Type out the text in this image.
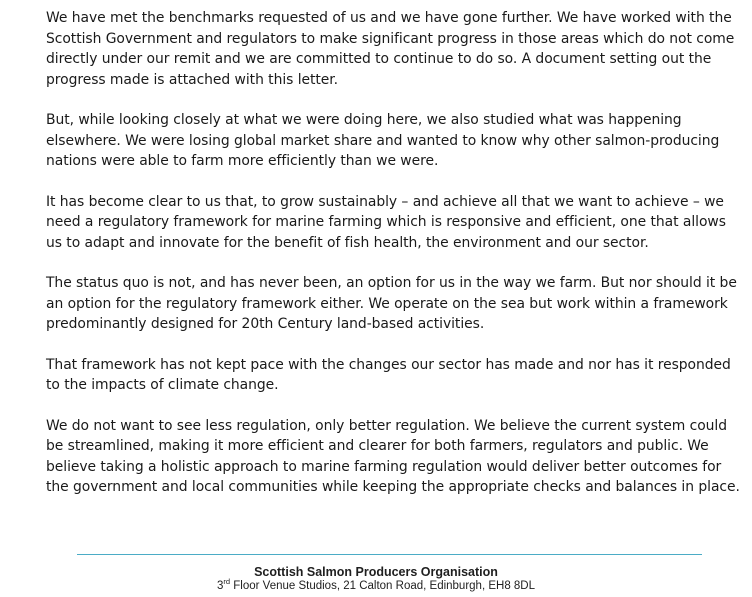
We have met the benchmarks requested of us and we have gone further. We have worked with the
Scottish Government and regulators to make significant progress in those areas which do not come
directly under our remit and we are committed to continue to do so. A document setting out the
progress made is attached with this letter.

But, while looking closely at what we were doing here, we also studied what was happening
elsewhere. We were losing global market share and wanted to know why other salmon-producing
nations were able to farm more efficiently than we were.

It has become clear to us that, to grow sustainably – and achieve all that we want to achieve – we
need a regulatory framework for marine farming which is responsive and efficient, one that allows
us to adapt and innovate for the benefit of fish health, the environment and our sector.

The status quo is not, and has never been, an option for us in the way we farm. But nor should it be
an option for the regulatory framework either. We operate on the sea but work within a framework
predominantly designed for 20th Century land-based activities.

That framework has not kept pace with the changes our sector has made and nor has it responded
to the impacts of climate change.

We do not want to see less regulation, only better regulation. We believe the current system could
be streamlined, making it more efficient and clearer for both farmers, regulators and public. We
believe taking a holistic approach to marine farming regulation would deliver better outcomes for
the government and local communities while keeping the appropriate checks and balances in place.

Scottish Salmon Producers Organisation
3rd Floor Venue Studios, 21 Calton Road, Edinburgh, EH8 8DL
